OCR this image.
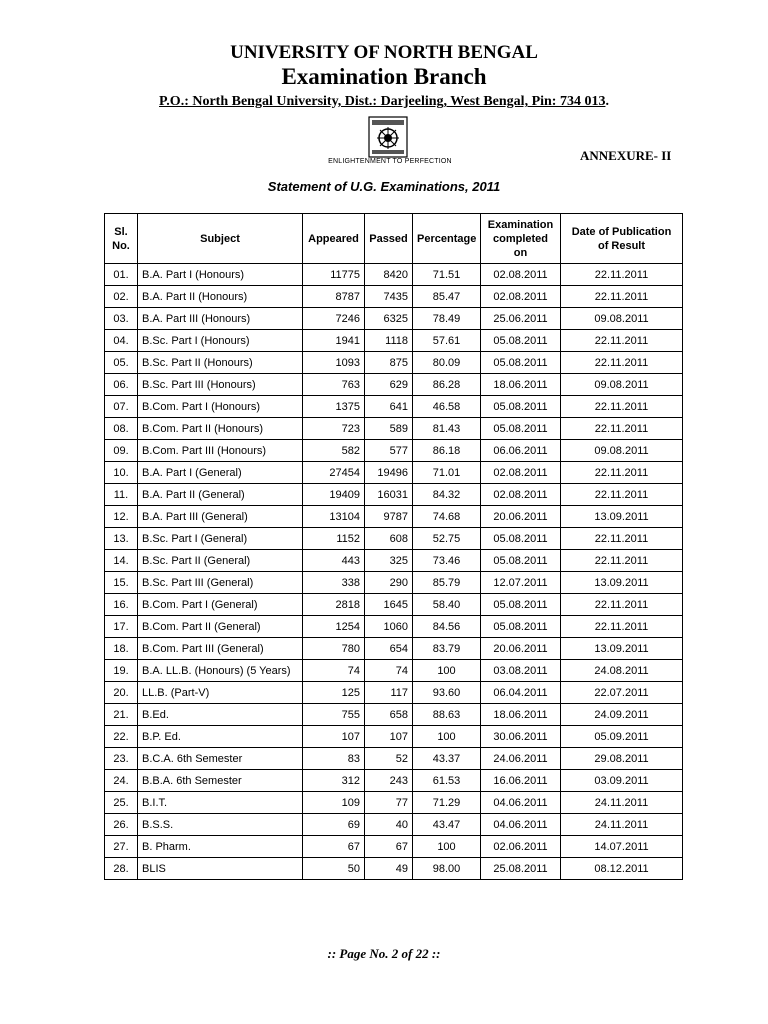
UNIVERSITY OF NORTH BENGAL
Examination Branch
P.O.: North Bengal University, Dist.: Darjeeling, West Bengal, Pin: 734 013.
ENLIGHTENMENT TO PERFECTION	ANNEXURE- II
Statement of U.G. Examinations, 2011
Sl. No.	Subject	Appeared	Passed	Percentage	Examination completed on	Date of Publication of Result
01.	B.A. Part I (Honours)	11775	8420	71.51	02.08.2011	22.11.2011
02.	B.A. Part II (Honours)	8787	7435	85.47	02.08.2011	22.11.2011
03.	B.A. Part III (Honours)	7246	6325	78.49	25.06.2011	09.08.2011
04.	B.Sc. Part I (Honours)	1941	1118	57.61	05.08.2011	22.11.2011
05.	B.Sc. Part II (Honours)	1093	875	80.09	05.08.2011	22.11.2011
06.	B.Sc. Part III (Honours)	763	629	86.28	18.06.2011	09.08.2011
07.	B.Com. Part I (Honours)	1375	641	46.58	05.08.2011	22.11.2011
08.	B.Com. Part II (Honours)	723	589	81.43	05.08.2011	22.11.2011
09.	B.Com. Part III (Honours)	582	577	86.18	06.06.2011	09.08.2011
10.	B.A. Part I (General)	27454	19496	71.01	02.08.2011	22.11.2011
11.	B.A. Part II (General)	19409	16031	84.32	02.08.2011	22.11.2011
12.	B.A. Part III (General)	13104	9787	74.68	20.06.2011	13.09.2011
13.	B.Sc. Part I (General)	1152	608	52.75	05.08.2011	22.11.2011
14.	B.Sc. Part II (General)	443	325	73.46	05.08.2011	22.11.2011
15.	B.Sc. Part III (General)	338	290	85.79	12.07.2011	13.09.2011
16.	B.Com. Part I (General)	2818	1645	58.40	05.08.2011	22.11.2011
17.	B.Com. Part II (General)	1254	1060	84.56	05.08.2011	22.11.2011
18.	B.Com. Part III (General)	780	654	83.79	20.06.2011	13.09.2011
19.	B.A. LL.B. (Honours) (5 Years)	74	74	100	03.08.2011	24.08.2011
20.	LL.B. (Part-V)	125	117	93.60	06.04.2011	22.07.2011
21.	B.Ed.	755	658	88.63	18.06.2011	24.09.2011
22.	B.P. Ed.	107	107	100	30.06.2011	05.09.2011
23.	B.C.A. 6th Semester	83	52	43.37	24.06.2011	29.08.2011
24.	B.B.A. 6th Semester	312	243	61.53	16.06.2011	03.09.2011
25.	B.I.T.	109	77	71.29	04.06.2011	24.11.2011
26.	B.S.S.	69	40	43.47	04.06.2011	24.11.2011
27.	B. Pharm.	67	67	100	02.06.2011	14.07.2011
28.	BLIS	50	49	98.00	25.08.2011	08.12.2011
:: Page No. 2 of 22 ::
